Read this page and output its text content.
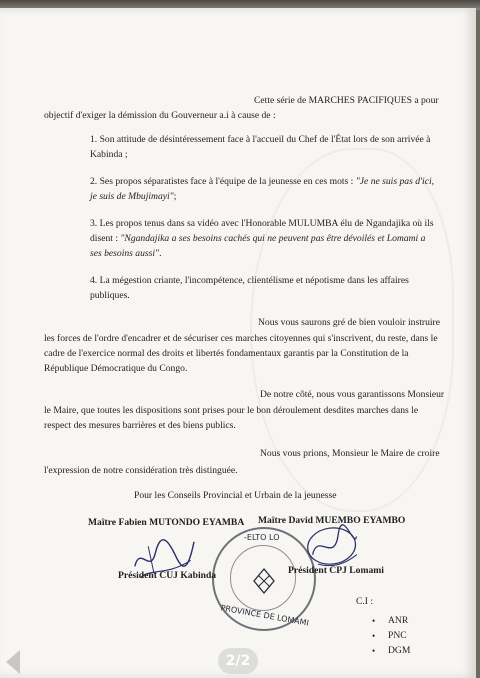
Cette série de MARCHES PACIFIQUES a pour
objectif d'exiger la démission du Gouverneur a.i à cause de :
1. Son attitude de désintéressement face à l'accueil du Chef de l'État lors de son arrivée à
Kabinda ;
2. Ses propos séparatistes face à l'équipe de la jeunesse en ces mots : "Je ne suis pas d'ici,
je suis de Mbujimayi";
3. Les propos tenus dans sa vidéo avec l'Honorable MULUMBA élu de Ngandajika où ils
disent : "Ngandajika a ses besoins cachés qui ne peuvent pas être dévoilés et Lomami a
ses besoins aussi".
4. La mégestion criante, l'incompétence, clientélisme et népotisme dans les affaires
publiques.
Nous vous saurons gré de bien vouloir instruire
les forces de l'ordre d'encadrer et de sécuriser ces marches citoyennes qui s'inscrivent, du reste, dans le
cadre de l'exercice normal des droits et libertés fondamentaux garantis par la Constitution de la
République Démocratique du Congo.
De notre côté, nous vous garantissons Monsieur
le Maire, que toutes les dispositions sont prises pour le bon déroulement desdites marches dans le
respect des mesures barrières et des biens publics.
Nous vous prions, Monsieur le Maire de croire
l'expression de notre considération très distinguée.
Pour les Conseils Provincial et Urbain de la jeunesse
Maître Fabien MUTONDO EYAMBA Maître David MUEMBO EYAMBO
-ELTO LO
PROVINCE DE LOMAMI
Président CUJ Kabinda	Président CPJ Lomami
C.I :
• ANR
• PNC
• DGM
2/2
